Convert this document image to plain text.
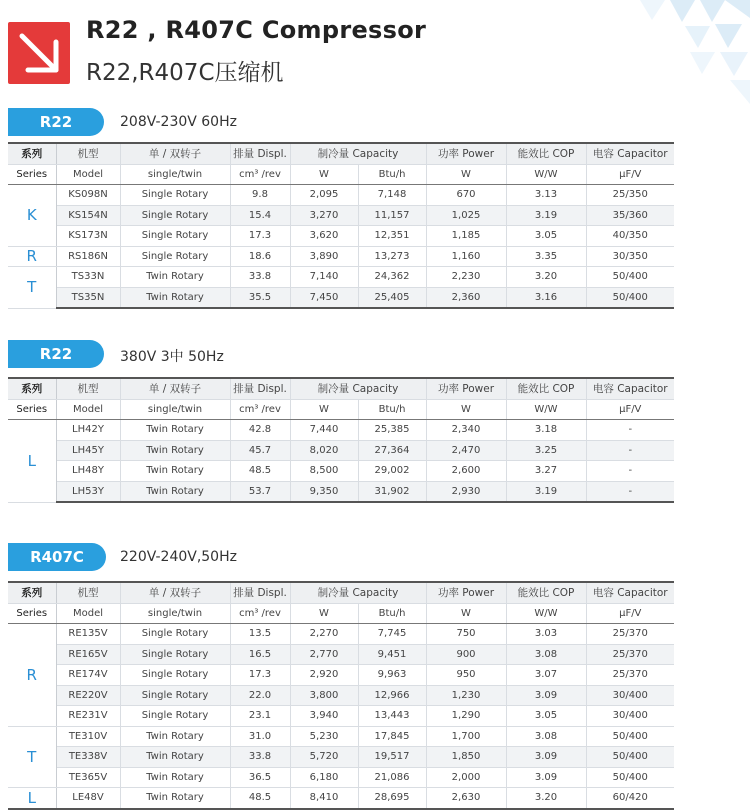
R22 , R407C Compressor
R22,R407C压缩机
R22	208V-230V 60Hz
系列	机型	单 / 双转子	排量 Displ.	制冷量 Capacity		功率 Power	能效比 COP	电容 Capacitor
Series	Model	single/twin	cm³ /rev	W	Btu/h	W	W/W	μF/V
K	KS098N	Single Rotary	9.8	2,095	7,148	670	3.13	25/350
	KS154N	Single Rotary	15.4	3,270	11,157	1,025	3.19	35/360
	KS173N	Single Rotary	17.3	3,620	12,351	1,185	3.05	40/350
R	RS186N	Single Rotary	18.6	3,890	13,273	1,160	3.35	30/350
T	TS33N	Twin Rotary	33.8	7,140	24,362	2,230	3.20	50/400
	TS35N	Twin Rotary	35.5	7,450	25,405	2,360	3.16	50/400
R22	380V 3中 50Hz
系列	机型	单 / 双转子	排量 Displ.	制冷量 Capacity		功率 Power	能效比 COP	电容 Capacitor
Series	Model	single/twin	cm³ /rev	W	Btu/h	W	W/W	μF/V
L	LH42Y	Twin Rotary	42.8	7,440	25,385	2,340	3.18	-
	LH45Y	Twin Rotary	45.7	8,020	27,364	2,470	3.25	-
	LH48Y	Twin Rotary	48.5	8,500	29,002	2,600	3.27	-
	LH53Y	Twin Rotary	53.7	9,350	31,902	2,930	3.19	-
R407C	220V-240V,50Hz
系列	机型	单 / 双转子	排量 Displ.	制冷量 Capacity		功率 Power	能效比 COP	电容 Capacitor
Series	Model	single/twin	cm³ /rev	W	Btu/h	W	W/W	μF/V
R	RE135V	Single Rotary	13.5	2,270	7,745	750	3.03	25/370
	RE165V	Single Rotary	16.5	2,770	9,451	900	3.08	25/370
	RE174V	Single Rotary	17.3	2,920	9,963	950	3.07	25/370
	RE220V	Single Rotary	22.0	3,800	12,966	1,230	3.09	30/400
	RE231V	Single Rotary	23.1	3,940	13,443	1,290	3.05	30/400
T	TE310V	Twin Rotary	31.0	5,230	17,845	1,700	3.08	50/400
	TE338V	Twin Rotary	33.8	5,720	19,517	1,850	3.09	50/400
	TE365V	Twin Rotary	36.5	6,180	21,086	2,000	3.09	50/400
L	LE48V	Twin Rotary	48.5	8,410	28,695	2,630	3.20	60/420
